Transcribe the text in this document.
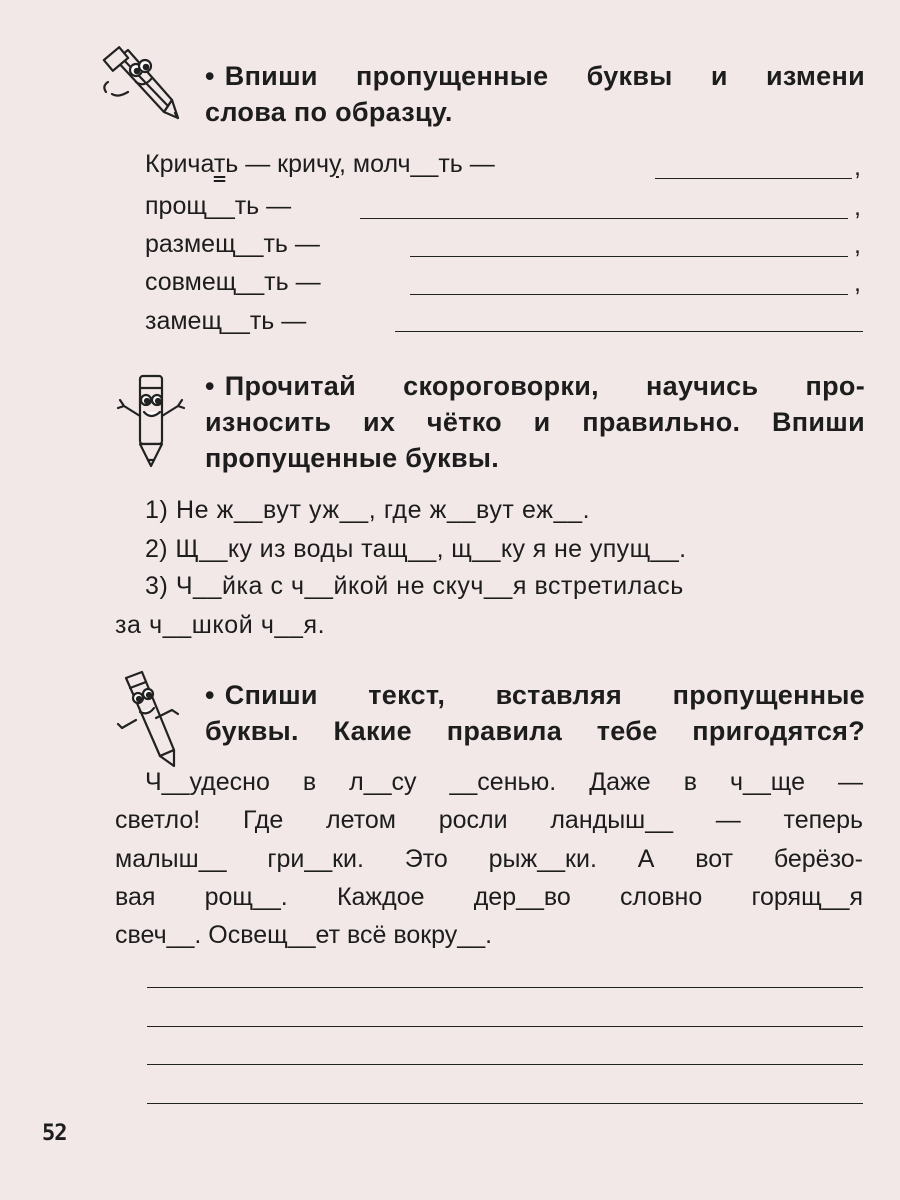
• Впиши пропущенные буквы и измени
слова по образцу.
Кричать — кричу, молч__ть —	,
прощ__ть —	,
размещ__ть —	,
совмещ__ть —	,
замещ__ть —
• Прочитай скороговорки, научись про-
износить их чётко и правильно. Впиши
пропущенные буквы.
1) Не ж__вут уж__, где ж__вут еж__.
2) Щ__ку из воды тащ__, щ__ку я не упущ__.
3) Ч__йка с ч__йкой не скуч__я встретилась
за ч__шкой ч__я.
• Спиши текст, вставляя пропущенные
буквы. Какие правила тебе пригодятся?
Ч__удесно в л__су __сенью. Даже в ч__ще —
светло! Где летом росли ландыш__ — теперь
малыш__ гри__ки. Это рыж__ки. А вот берёзо-
вая рощ__. Каждое дер__во словно горящ__я
свеч__. Освещ__ет всё вокру__.
52
